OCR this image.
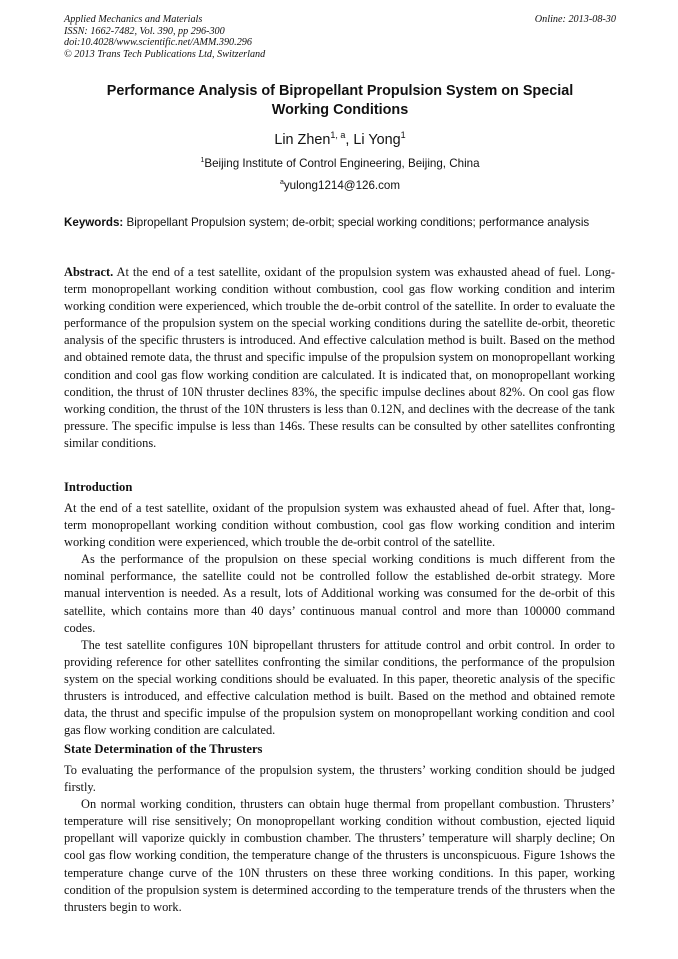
Applied Mechanics and Materials
ISSN: 1662-7482, Vol. 390, pp 296-300
doi:10.4028/www.scientific.net/AMM.390.296
© 2013 Trans Tech Publications Ltd, Switzerland
Online: 2013-08-30
Performance Analysis of Bipropellant Propulsion System on Special
Working Conditions
Lin Zhen$^{1, a}$, Li Yong$^1$
$^1$Beijing Institute of Control Engineering, Beijing, China
$^a$yulong1214@126.com
Keywords: Bipropellant Propulsion system; de-orbit; special working conditions; performance analysis

Abstract. At the end of a test satellite, oxidant of the propulsion system was exhausted ahead of fuel. Long-term monopropellant working condition without combustion, cool gas flow working condition and interim working condition were experienced, which trouble the de-orbit control of the satellite. In order to evaluate the performance of the propulsion system on the special working conditions during the satellite de-orbit, theoretic analysis of the specific thrusters is introduced. And effective calculation method is built. Based on the method and obtained remote data, the thrust and specific impulse of the propulsion system on monopropellant working condition and cool gas flow working condition are calculated. It is indicated that, on monopropellant working condition, the thrust of 10N thruster declines 83%, the specific impulse declines about 82%. On cool gas flow working condition, the thrust of the 10N thrusters is less than 0.12N, and declines with the decrease of the tank pressure. The specific impulse is less than 146s. These results can be consulted by other satellites confronting similar conditions.

Introduction

At the end of a test satellite, oxidant of the propulsion system was exhausted ahead of fuel. After that, long-term monopropellant working condition without combustion, cool gas flow working condition and interim working condition were experienced, which trouble the de-orbit control of the satellite.

As the performance of the propulsion on these special working conditions is much different from the nominal performance, the satellite could not be controlled follow the established de-orbit strategy. More manual intervention is needed. As a result, lots of Additional working was consumed for the de-orbit of this satellite, which contains more than 40 days’ continuous manual control and more than 100000 command codes.

The test satellite configures 10N bipropellant thrusters for attitude control and orbit control. In order to providing reference for other satellites confronting the similar conditions, the performance of the propulsion system on the special working conditions should be evaluated. In this paper, theoretic analysis of the specific thrusters is introduced, and effective calculation method is built. Based on the method and obtained remote data, the thrust and specific impulse of the propulsion system on monopropellant working condition and cool gas flow working condition are calculated.

State Determination of the Thrusters

To evaluating the performance of the propulsion system, the thrusters’ working condition should be judged firstly.

On normal working condition, thrusters can obtain huge thermal from propellant combustion. Thrusters’ temperature will rise sensitively; On monopropellant working condition without combustion, ejected liquid propellant will vaporize quickly in combustion chamber. The thrusters’ temperature will sharply decline; On cool gas flow working condition, the temperature change of the thrusters is unconspicuous. Figure 1shows the temperature change curve of the 10N thrusters on these three working conditions. In this paper, working condition of the propulsion system is determined according to the temperature trends of the thrusters when the thrusters begin to work.
